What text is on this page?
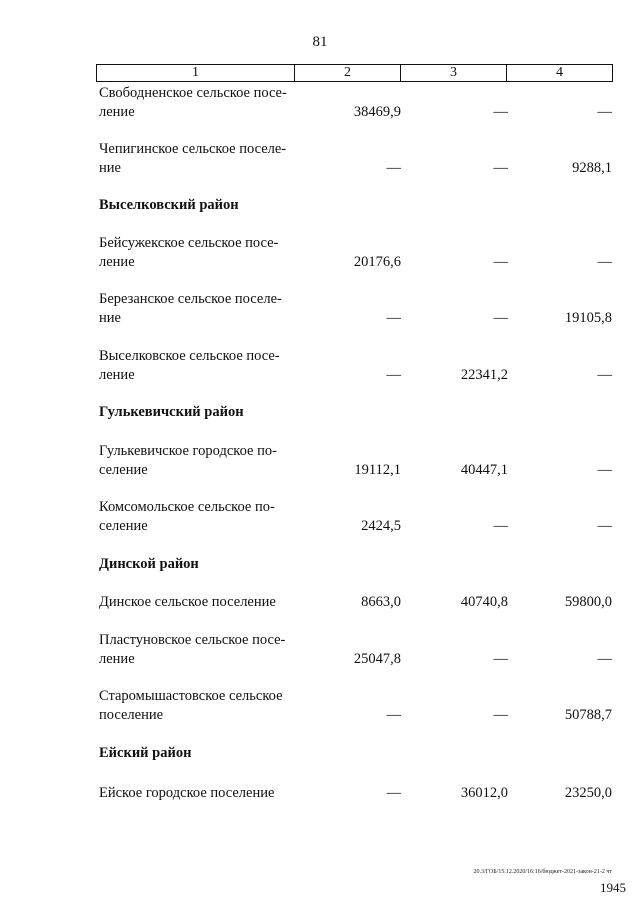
81
1	2	3	4
Свободненское сельское посе-ление	38469,9	—	—
Чепигинское сельское поселе-ние	—	—	9288,1
Выселковский район
Бейсужекское сельское посе-ление	20176,6	—	—
Березанское сельское поселе-ние	—	—	19105,8
Выселковское сельское посе-ление	—	22341,2	—
Гулькевичский район
Гулькевичское городское по-селение	19112,1	40447,1	—
Комсомольское сельское по-селение	2424,5	—	—
Динской район
Динское сельское поселение	8663,0	40740,8	59800,0
Пластуновское сельское посе-ление	25047,8	—	—
Старомышастовское сельское поселение	—	—	50788,7
Ейский район
Ейское городское поселение	—	36012,0	23250,0
20.3/ГОБ/15.12.2020/16:16/бюджет-2021-закон-21-2 чт
1945
